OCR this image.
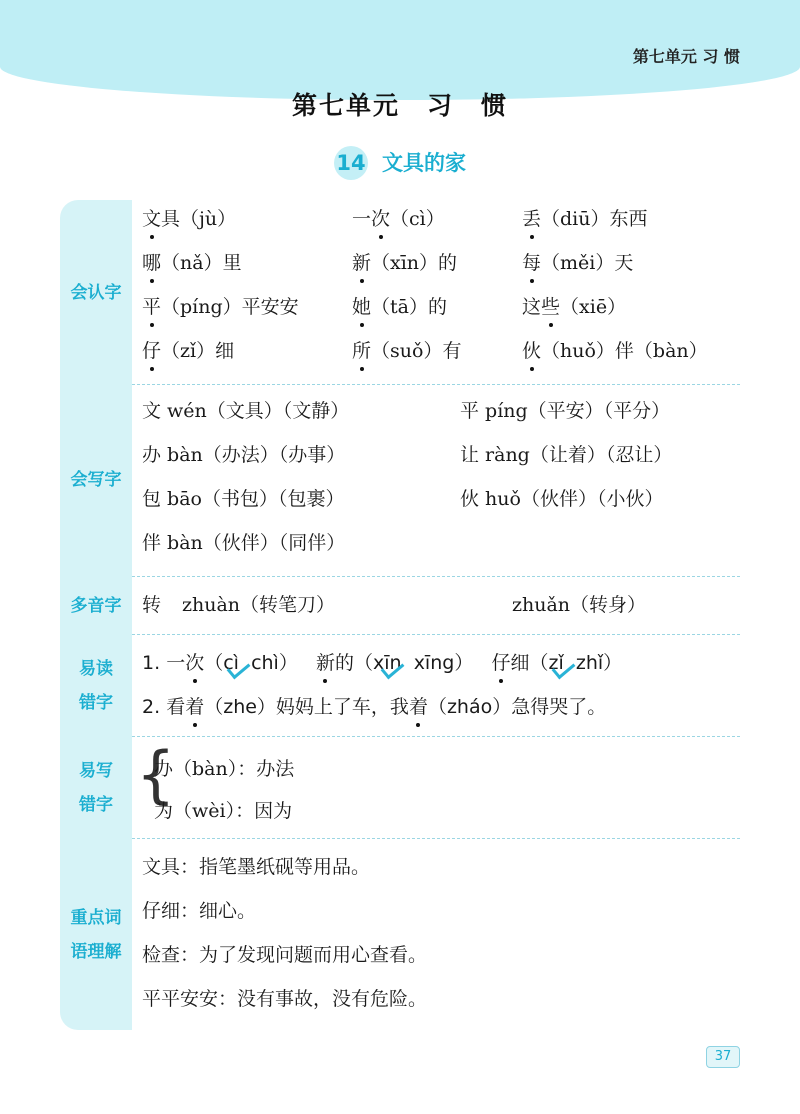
第七单元 习 惯
第七单元　习　惯
14 文具的家
会认字
文具（jù）	一次（cì）	丢（diū）东西
哪（nǎ）里	新（xīn）的	每（měi）天
平（píng）平安安	她（tā）的	这些（xiē）
仔（zǐ）细	所（suǒ）有	伙（huǒ）伴（bàn）
会写字
文 wén（文具）（文静）	平 píng（平安）（平分）
办 bàn（办法）（办事）	让 ràng（让着）（忍让）
包 bāo（书包）（包裹）	伙 huǒ（伙伴）（小伙）
伴 bàn（伙伴）（同伴）
多音字	转 zhuàn（转笔刀）	zhuǎn（转身）
易读
错字
1. 一次（cì chì） 新的（xīn xīng） 仔细（zǐ zhǐ）
2. 看着（zhe）妈妈上了车，我着（zháo）急得哭了。
易写
错字 {
办（bàn）：办法
为（wèi）：因为
重点词
语理解
文具：指笔墨纸砚等用品。
仔细：细心。
检查：为了发现问题而用心查看。
平平安安：没有事故，没有危险。
37
